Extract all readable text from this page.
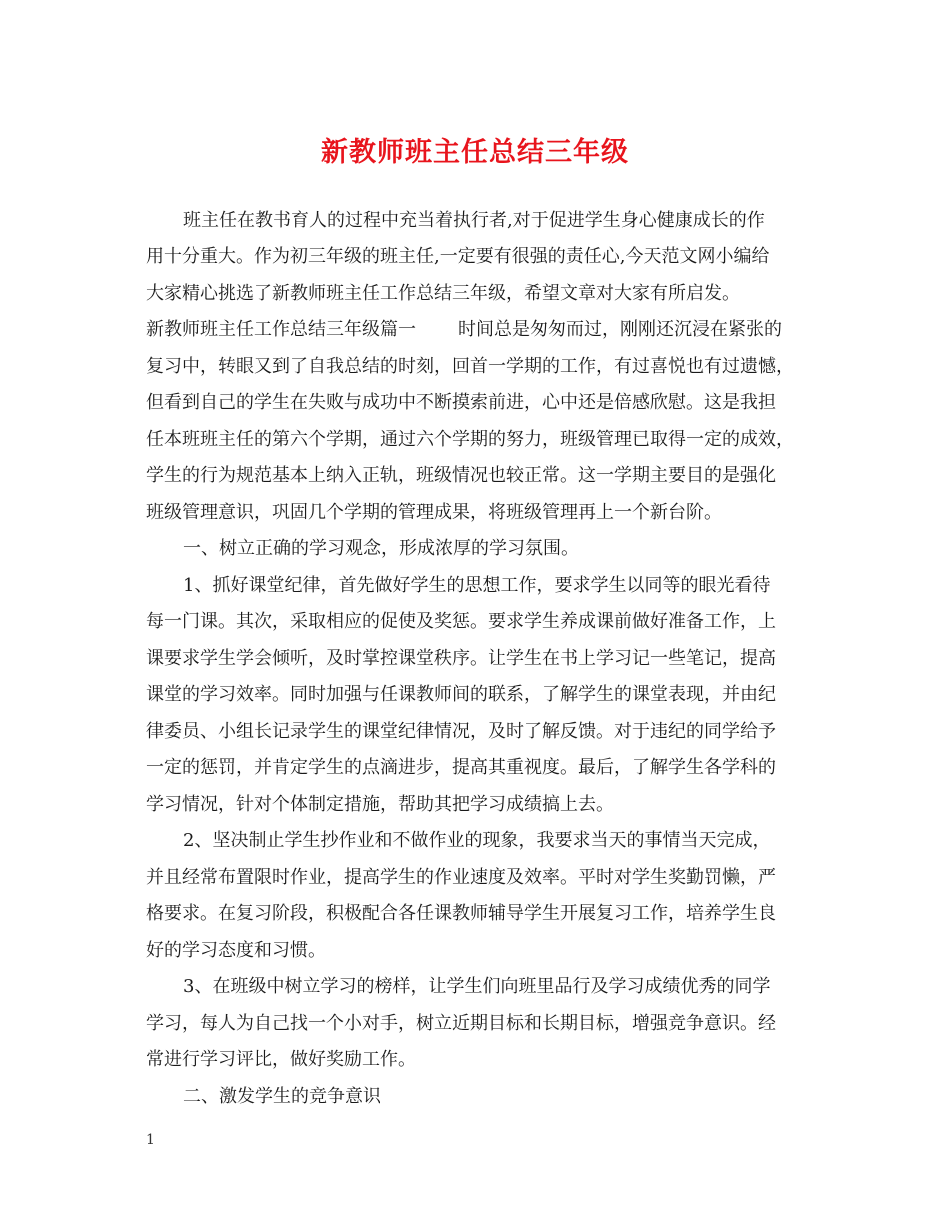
新教师班主任总结三年级

班主任在教书育人的过程中充当着执行者,对于促进学生身心健康成长的作

用十分重大。作为初三年级的班主任,一定要有很强的责任心,今天范文网小编给

大家精心挑选了新教师班主任工作总结三年级，希望文章对大家有所启发。

新教师班主任工作总结三年级篇一 时间总是匆匆而过，刚刚还沉浸在紧张的

复习中，转眼又到了自我总结的时刻，回首一学期的工作，有过喜悦也有过遗憾，

但看到自己的学生在失败与成功中不断摸索前进，心中还是倍感欣慰。这是我担

任本班班主任的第六个学期，通过六个学期的努力，班级管理已取得一定的成效，

学生的行为规范基本上纳入正轨，班级情况也较正常。这一学期主要目的是强化

班级管理意识，巩固几个学期的管理成果，将班级管理再上一个新台阶。

一、树立正确的学习观念，形成浓厚的学习氛围。

1、抓好课堂纪律，首先做好学生的思想工作，要求学生以同等的眼光看待

每一门课。其次，采取相应的促使及奖惩。要求学生养成课前做好准备工作，上

课要求学生学会倾听，及时掌控课堂秩序。让学生在书上学习记一些笔记，提高

课堂的学习效率。同时加强与任课教师间的联系，了解学生的课堂表现，并由纪

律委员、小组长记录学生的课堂纪律情况，及时了解反馈。对于违纪的同学给予

一定的惩罚，并肯定学生的点滴进步，提高其重视度。最后，了解学生各学科的

学习情况，针对个体制定措施，帮助其把学习成绩搞上去。

2、坚决制止学生抄作业和不做作业的现象，我要求当天的事情当天完成，

并且经常布置限时作业，提高学生的作业速度及效率。平时对学生奖勤罚懒，严

格要求。在复习阶段，积极配合各任课教师辅导学生开展复习工作，培养学生良

好的学习态度和习惯。

3、在班级中树立学习的榜样，让学生们向班里品行及学习成绩优秀的同学

学习，每人为自己找一个小对手，树立近期目标和长期目标，增强竞争意识。经

常进行学习评比，做好奖励工作。

二、激发学生的竞争意识

1
